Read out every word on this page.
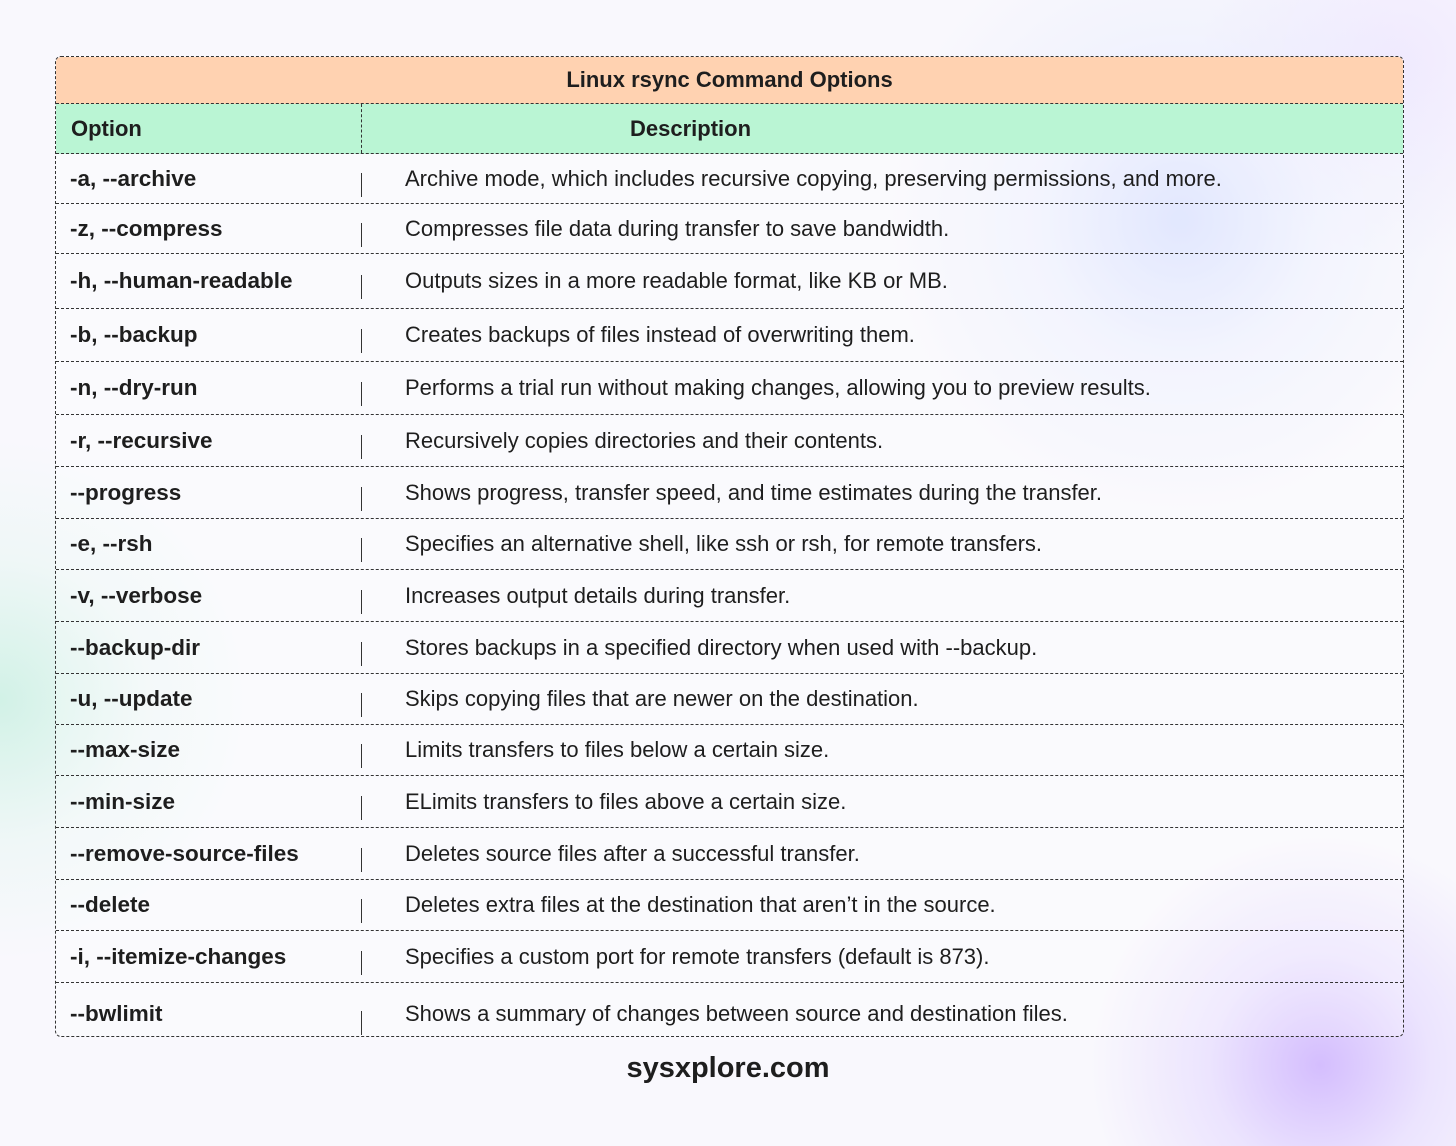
Linux rsync Command Options
Option	Description
-a, --archive	Archive mode, which includes recursive copying, preserving permissions, and more.
-z, --compress	Compresses file data during transfer to save bandwidth.
-h, --human-readable	Outputs sizes in a more readable format, like KB or MB.
-b, --backup	Creates backups of files instead of overwriting them.
-n, --dry-run	Performs a trial run without making changes, allowing you to preview results.
-r, --recursive	Recursively copies directories and their contents.
--progress	Shows progress, transfer speed, and time estimates during the transfer.
-e, --rsh	Specifies an alternative shell, like ssh or rsh, for remote transfers.
-v, --verbose	Increases output details during transfer.
--backup-dir	Stores backups in a specified directory when used with --backup.
-u, --update	Skips copying files that are newer on the destination.
--max-size	Limits transfers to files below a certain size.
--min-size	ELimits transfers to files above a certain size.
--remove-source-files	Deletes source files after a successful transfer.
--delete	Deletes extra files at the destination that aren’t in the source.
-i, --itemize-changes	Specifies a custom port for remote transfers (default is 873).
--bwlimit	Shows a summary of changes between source and destination files.
sysxplore.com
